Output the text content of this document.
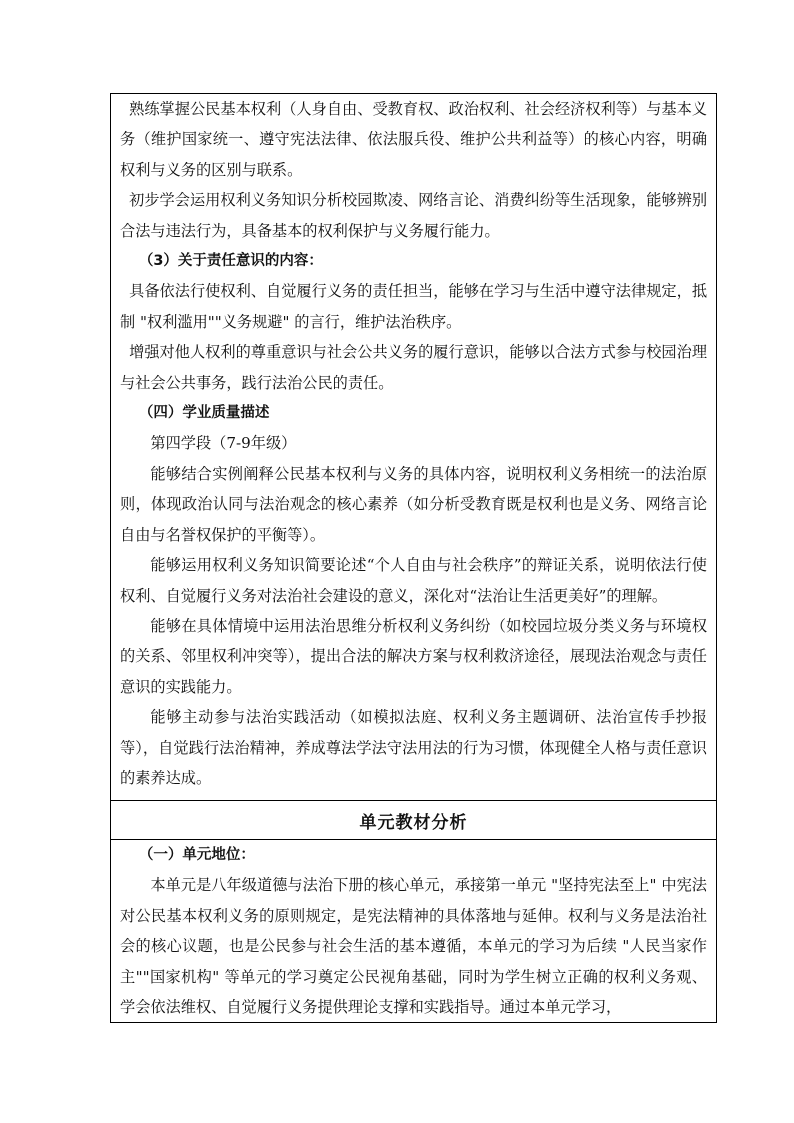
熟练掌握公民基本权利（人身自由、受教育权、政治权利、社会经济权利等）与基本义务（维护国家统一、遵守宪法法律、依法服兵役、维护公共利益等）的核心内容，明确权利与义务的区别与联系。

初步学会运用权利义务知识分析校园欺凌、网络言论、消费纠纷等生活现象，能够辨别合法与违法行为，具备基本的权利保护与义务履行能力。

（3）关于责任意识的内容：

具备依法行使权利、自觉履行义务的责任担当，能够在学习与生活中遵守法律规定，抵制 "权利滥用""义务规避" 的言行，维护法治秩序。

增强对他人权利的尊重意识与社会公共义务的履行意识，能够以合法方式参与校园治理与社会公共事务，践行法治公民的责任。

（四）学业质量描述

第四学段（7-9年级）

能够结合实例阐释公民基本权利与义务的具体内容，说明权利义务相统一的法治原则，体现政治认同与法治观念的核心素养（如分析受教育既是权利也是义务、网络言论自由与名誉权保护的平衡等）。

能够运用权利义务知识简要论述“个人自由与社会秩序”的辩证关系，说明依法行使权利、自觉履行义务对法治社会建设的意义，深化对“法治让生活更美好”的理解。

能够在具体情境中运用法治思维分析权利义务纠纷（如校园垃圾分类义务与环境权的关系、邻里权利冲突等），提出合法的解决方案与权利救济途径，展现法治观念与责任意识的实践能力。

能够主动参与法治实践活动（如模拟法庭、权利义务主题调研、法治宣传手抄报等），自觉践行法治精神，养成尊法学法守法用法的行为习惯，体现健全人格与责任意识的素养达成。

单元教材分析

（一）单元地位：

本单元是八年级道德与法治下册的核心单元，承接第一单元 "坚持宪法至上" 中宪法对公民基本权利义务的原则规定，是宪法精神的具体落地与延伸。权利与义务是法治社会的核心议题，也是公民参与社会生活的基本遵循，本单元的学习为后续 "人民当家作主""国家机构" 等单元的学习奠定公民视角基础，同时为学生树立正确的权利义务观、学会依法维权、自觉履行义务提供理论支撑和实践指导。通过本单元学习，
